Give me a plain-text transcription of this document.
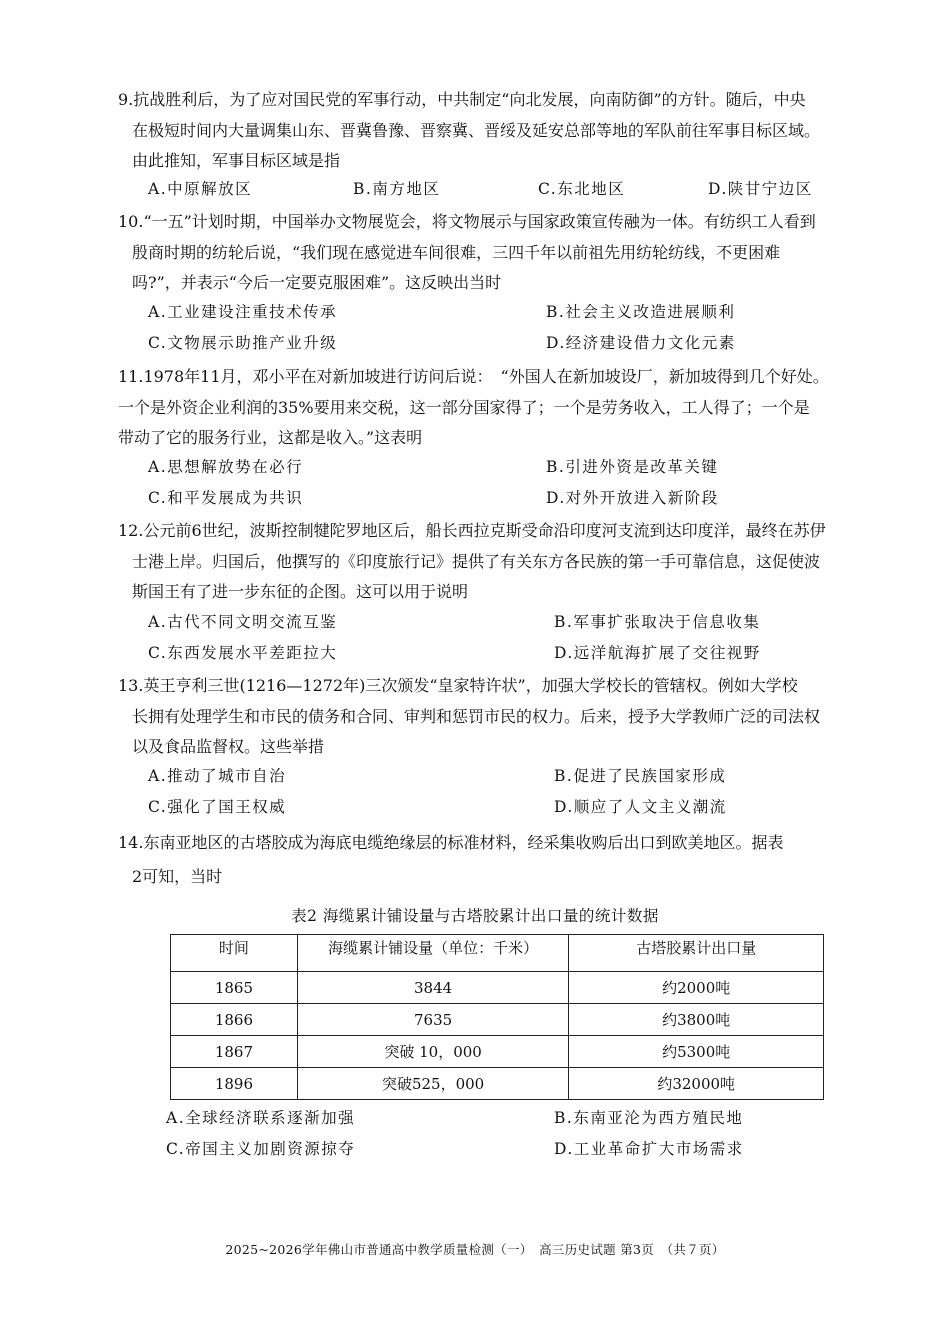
9.抗战胜利后，为了应对国民党的军事行动，中共制定“向北发展，向南防御”的方针。随后，中央
在极短时间内大量调集山东、晋冀鲁豫、晋察冀、晋绥及延安总部等地的军队前往军事目标区域。
由此推知，军事目标区域是指
A.中原解放区	B.南方地区	C.东北地区	D.陕甘宁边区
10.“一五”计划时期，中国举办文物展览会，将文物展示与国家政策宣传融为一体。有纺织工人看到
殷商时期的纺轮后说，“我们现在感觉进车间很难，三四千年以前祖先用纺轮纺线，不更困难
吗?”，并表示“今后一定要克服困难”。这反映出当时
A.工业建设注重技术传承	B.社会主义改造进展顺利
C.文物展示助推产业升级	D.经济建设借力文化元素
11.1978年11月，邓小平在对新加坡进行访问后说：　“外国人在新加坡设厂，新加坡得到几个好处。
一个是外资企业利润的35%要用来交税，这一部分国家得了；一个是劳务收入，工人得了；一个是
带动了它的服务行业，这都是收入。”这表明
A.思想解放势在必行	B.引进外资是改革关键
C.和平发展成为共识	D.对外开放进入新阶段
12.公元前6世纪，波斯控制犍陀罗地区后，船长西拉克斯受命沿印度河支流到达印度洋，最终在苏伊
士港上岸。归国后，他撰写的《印度旅行记》提供了有关东方各民族的第一手可靠信息，这促使波
斯国王有了进一步东征的企图。这可以用于说明
A.古代不同文明交流互鉴	B.军事扩张取决于信息收集
C.东西发展水平差距拉大	D.远洋航海扩展了交往视野
13.英王亨利三世(1216—1272年)三次颁发“皇家特许状”，加强大学校长的管辖权。例如大学校
长拥有处理学生和市民的债务和合同、审判和惩罚市民的权力。后来，授予大学教师广泛的司法权
以及食品监督权。这些举措
A.推动了城市自治	B.促进了民族国家形成
C.强化了国王权威	D.顺应了人文主义潮流
14.东南亚地区的古塔胶成为海底电缆绝缘层的标准材料，经采集收购后出口到欧美地区。据表
2可知，当时
表2 海缆累计铺设量与古塔胶累计出口量的统计数据
时间	海缆累计铺设量（单位：千米）	古塔胶累计出口量
1865	3844	约2000吨
1866	7635	约3800吨
1867	突破 10，000	约5300吨
1896	突破525，000	约32000吨
A.全球经济联系逐渐加强	B.东南亚沦为西方殖民地
C.帝国主义加剧资源掠夺	D.工业革命扩大市场需求
2025~2026学年佛山市普通高中教学质量检测（一）　高三历史试题 第3页　（共７页）
